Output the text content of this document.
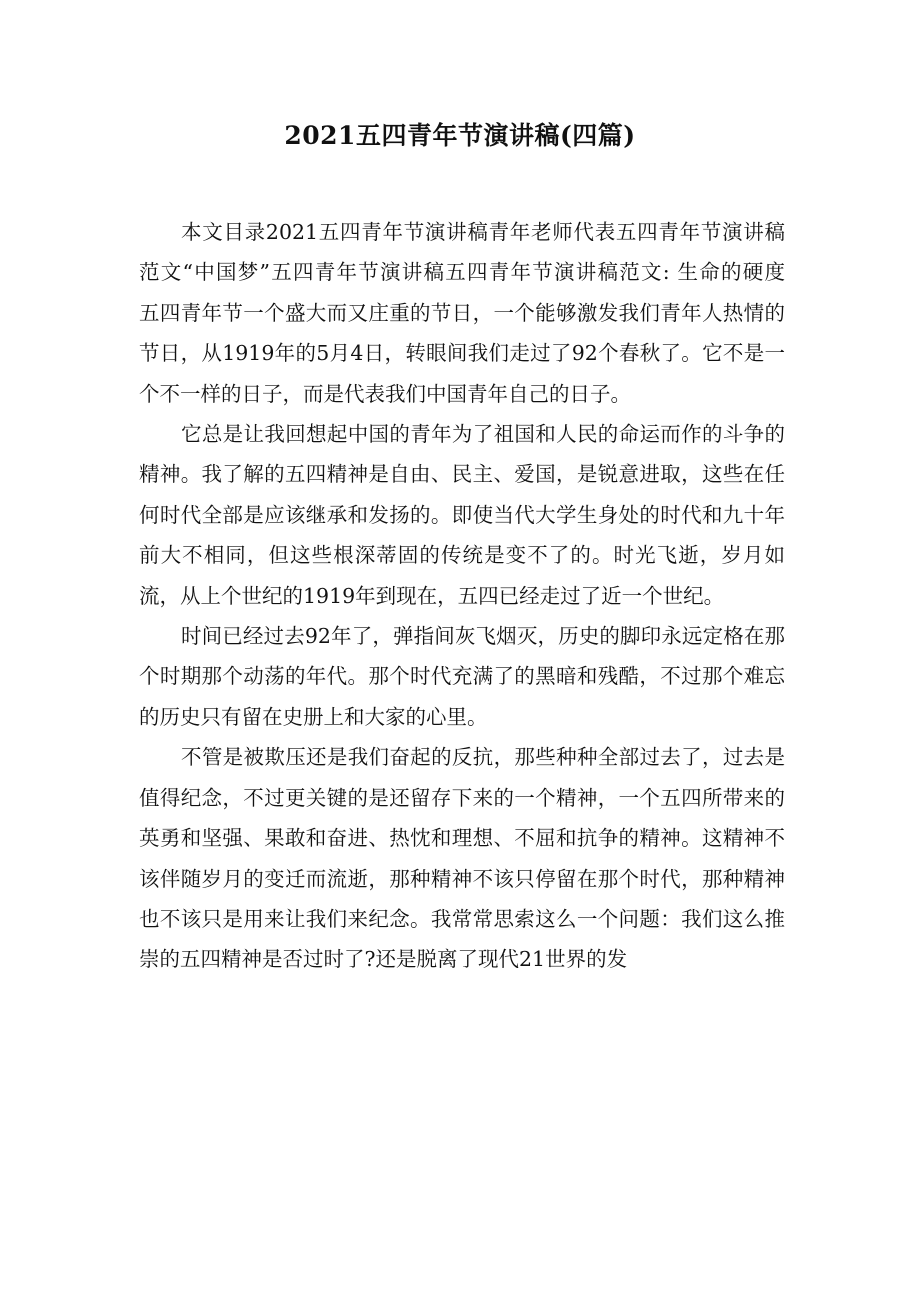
2021五四青年节演讲稿(四篇)

本文目录2021五四青年节演讲稿青年老师代表五四青年节演讲稿范文“中国梦”五四青年节演讲稿五四青年节演讲稿范文: 生命的硬度　　五四青年节一个盛大而又庄重的节日，一个能够激发我们青年人热情的节日，从1919年的5月4日，转眼间我们走过了92个春秋了。它不是一个不一样的日子，而是代表我们中国青年自己的日子。

它总是让我回想起中国的青年为了祖国和人民的命运而作的斗争的精神。我了解的五四精神是自由、民主、爱国，是锐意进取，这些在任何时代全部是应该继承和发扬的。即使当代大学生身处的时代和九十年前大不相同，但这些根深蒂固的传统是变不了的。时光飞逝，岁月如流，从上个世纪的1919年到现在，五四已经走过了近一个世纪。

时间已经过去92年了，弹指间灰飞烟灭，历史的脚印永远定格在那个时期那个动荡的年代。那个时代充满了的黑暗和残酷，不过那个难忘的历史只有留在史册上和大家的心里。

不管是被欺压还是我们奋起的反抗，那些种种全部过去了，过去是值得纪念，不过更关键的是还留存下来的一个精神，一个五四所带来的英勇和坚强、果敢和奋进、热忱和理想、不屈和抗争的精神。这精神不该伴随岁月的变迁而流逝，那种精神不该只停留在那个时代，那种精神也不该只是用来让我们来纪念。我常常思索这么一个问题：我们这么推崇的五四精神是否过时了?还是脱离了现代21世界的发
